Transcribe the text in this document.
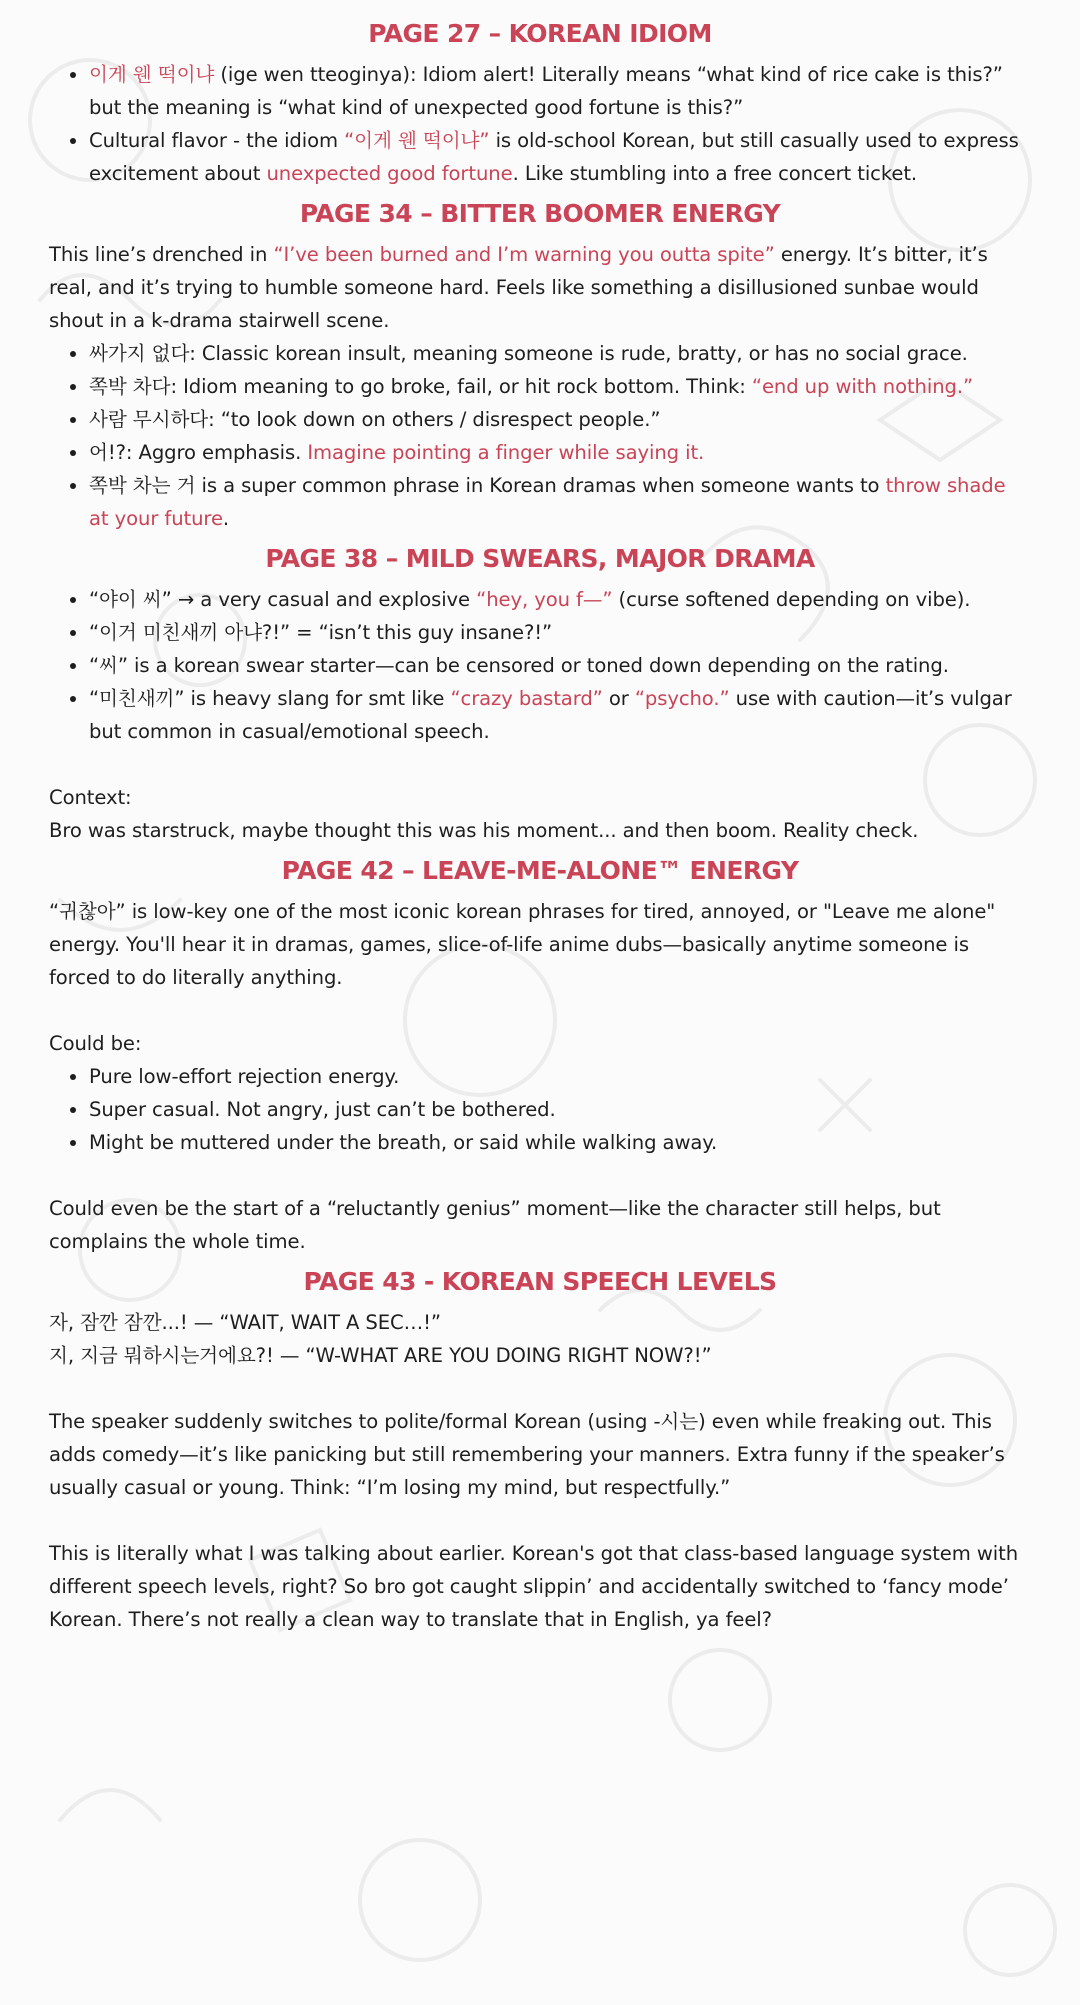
PAGE 27 – KOREAN IDIOM
• 이게 웬 떡이냐 (ige wen tteoginya): Idiom alert! Literally means “what kind of rice cake is this?” but the meaning is “what kind of unexpected good fortune is this?”
• Cultural flavor - the idiom “이게 웬 떡이냐” is old-school Korean, but still casually used to express excitement about unexpected good fortune. Like stumbling into a free concert ticket.
PAGE 34 – BITTER BOOMER ENERGY

This line’s drenched in “I’ve been burned and I’m warning you outta spite” energy. It’s bitter, it’s real, and it’s trying to humble someone hard. Feels like something a disillusioned sunbae would shout in a k-drama stairwell scene.

• 싸가지 없다: Classic korean insult, meaning someone is rude, bratty, or has no social grace.
• 쪽박 차다: Idiom meaning to go broke, fail, or hit rock bottom. Think: “end up with nothing.”
• 사람 무시하다: “to look down on others / disrespect people.”
• 어!?: Aggro emphasis. Imagine pointing a finger while saying it.
• 쪽박 차는 거 is a super common phrase in Korean dramas when someone wants to throw shade at your future.
PAGE 38 – MILD SWEARS, MAJOR DRAMA
• “야이 씨” → a very casual and explosive “hey, you f—” (curse softened depending on vibe).
• “이거 미친새끼 아냐?!” = “isn’t this guy insane?!”
• “씨” is a korean swear starter—can be censored or toned down depending on the rating.
• “미친새끼” is heavy slang for smt like “crazy bastard” or “psycho.” use with caution—it’s vulgar but common in casual/emotional speech.

Context:

Bro was starstruck, maybe thought this was his moment... and then boom. Reality check.

PAGE 42 – LEAVE-ME-ALONE™ ENERGY

“귀찮아” is low-key one of the most iconic korean phrases for tired, annoyed, or "Leave me alone" energy. You'll hear it in dramas, games, slice-of-life anime dubs—basically anytime someone is forced to do literally anything.

Could be:

• Pure low-effort rejection energy.
• Super casual. Not angry, just can’t be bothered.
• Might be muttered under the breath, or said while walking away.

Could even be the start of a “reluctantly genius” moment—like the character still helps, but complains the whole time.

PAGE 43 - KOREAN SPEECH LEVELS

자, 잠깐 잠깐...! — “WAIT, WAIT A SEC…!”

지, 지금 뭐하시는거에요?! — “W-WHAT ARE YOU DOING RIGHT NOW?!”

The speaker suddenly switches to polite/formal Korean (using -시는) even while freaking out. This adds comedy—it’s like panicking but still remembering your manners. Extra funny if the speaker’s usually casual or young. Think: “I’m losing my mind, but respectfully.”

This is literally what I was talking about earlier. Korean's got that class-based language system with different speech levels, right? So bro got caught slippin’ and accidentally switched to ‘fancy mode’ Korean. There’s not really a clean way to translate that in English, ya feel?
